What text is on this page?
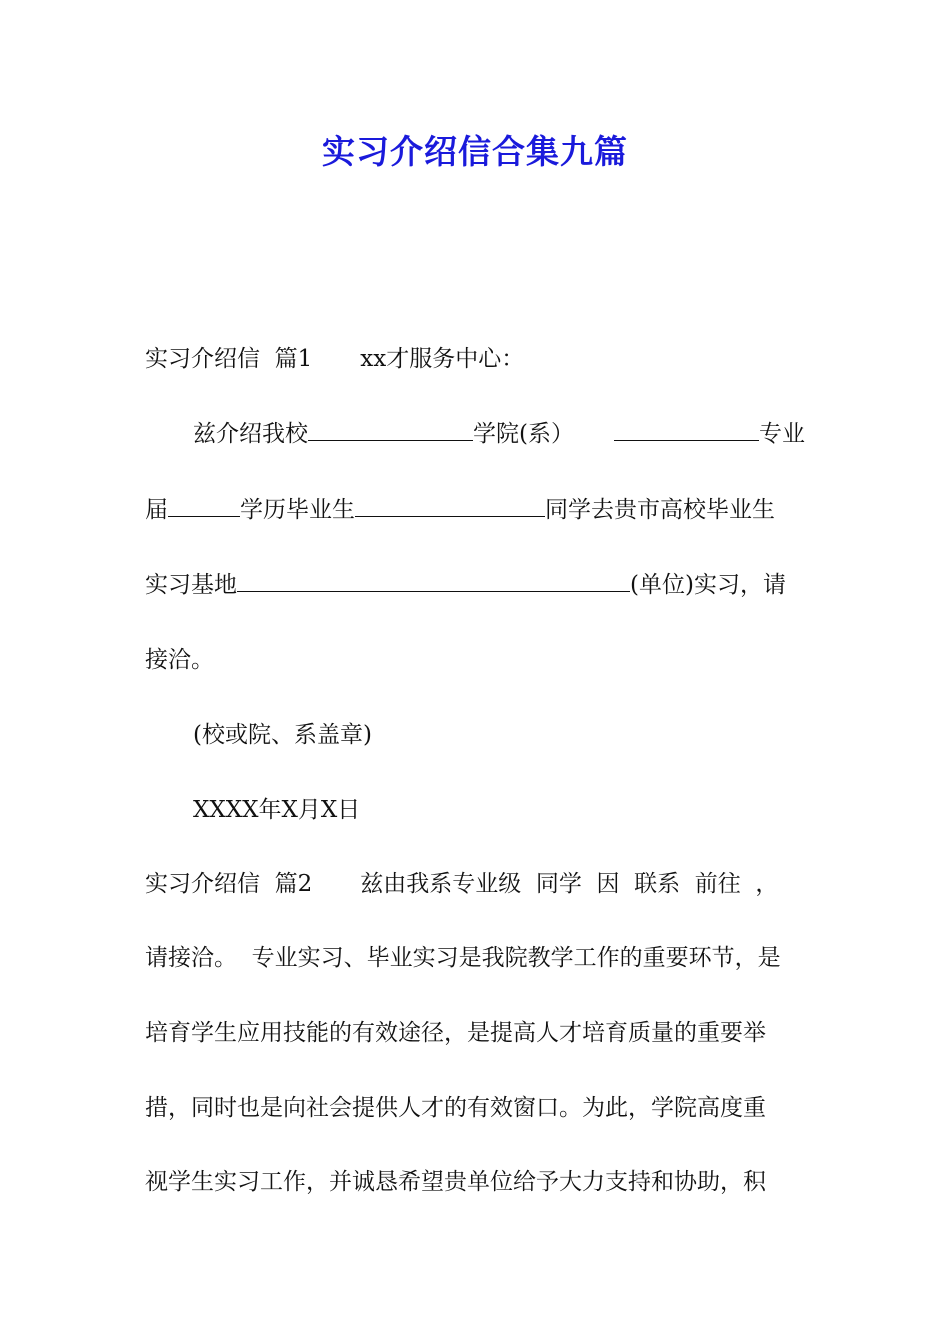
实习介绍信合集九篇
实习介绍信  篇1 xx才服务中心：
兹介绍我校	学院(系）	专业
届	学历毕业生	同学去贵市高校毕业生
实习基地	(单位)实习，请
接洽。
(校或院、系盖章)
XXXX年X月X日
实习介绍信  篇2 兹由我系专业级  同学  因  联系  前往  ，
请接洽。  专业实习、毕业实习是我院教学工作的重要环节，是
培育学生应用技能的有效途径，是提高人才培育质量的重要举
措，同时也是向社会提供人才的有效窗口。为此，学院高度重
视学生实习工作，并诚恳希望贵单位给予大力支持和协助，积
